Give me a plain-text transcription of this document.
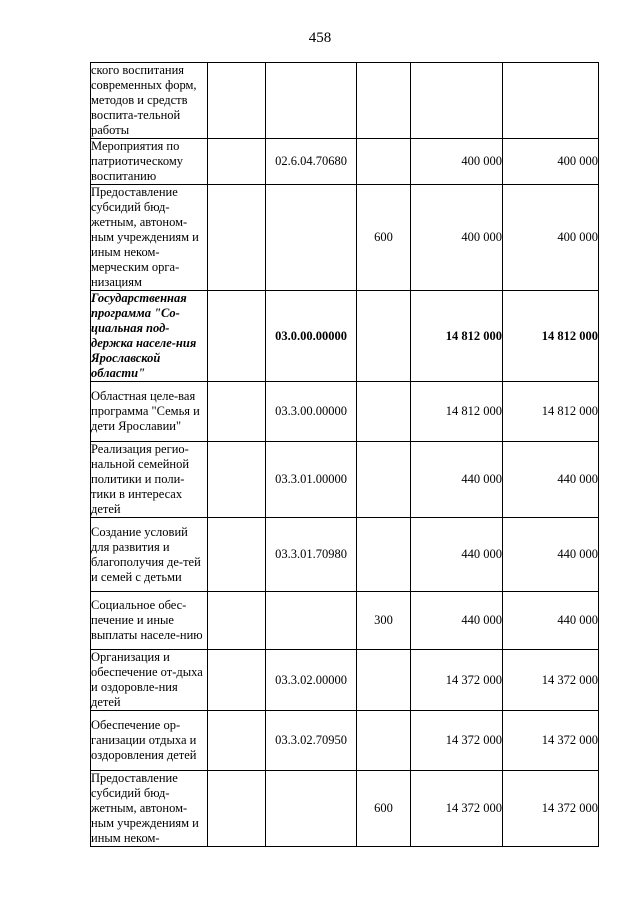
458
ского воспитания современных форм, методов и средств воспита-тельной работы					
Мероприятия по патриотическому воспитанию		02.6.04.70680		400 000	400 000
Предоставление субсидий бюд-жетным, автоном-ным учреждениям и иным неком-мерческим орга-низациям			600	400 000	400 000
Государственная программа "Со-циальная под-держка населе-ния Ярославской области"		03.0.00.00000		14 812 000	14 812 000
Областная целе-вая программа "Семья и дети Ярославии"		03.3.00.00000		14 812 000	14 812 000
Реализация регио-нальной семейной политики и поли-тики в интересах детей		03.3.01.00000		440 000	440 000
Создание условий для развития и благополучия де-тей и семей с детьми		03.3.01.70980		440 000	440 000
Социальное обес-печение и иные выплаты населе-нию			300	440 000	440 000
Организация и обеспечение от-дыха и оздоровле-ния детей		03.3.02.00000		14 372 000	14 372 000
Обеспечение ор-ганизации отдыха и оздоровления детей		03.3.02.70950		14 372 000	14 372 000
Предоставление субсидий бюд-жетным, автоном-ным учреждениям и иным неком-			600	14 372 000	14 372 000
